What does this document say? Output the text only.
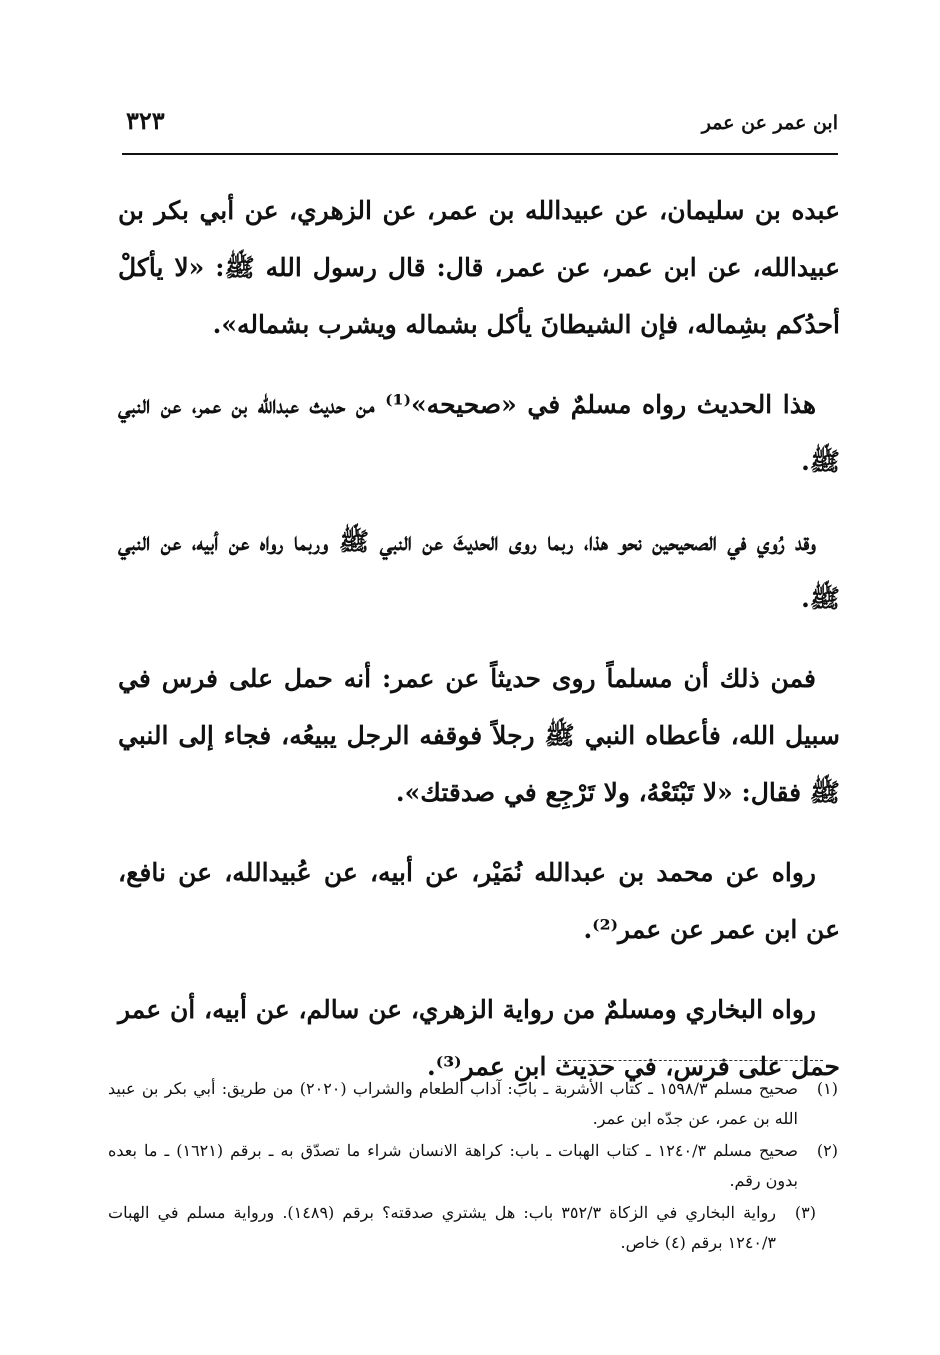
ابن عمر عن عمر
٣٢٣

عبده بن سليمان، عن عبيدالله بن عمر، عن الزهري، عن أبي بكر بن عبيدالله، عن ابن عمر، عن عمر، قال: قال رسول الله ﷺ: «لا يأكلْ أحدُكم بشِماله، فإن الشيطانَ يأكل بشماله ويشرب بشماله».

هذا الحديث رواه مسلمٌ في «صحيحه»⁽¹⁾ من حديث عبدالله بن عمر، عن النبي ﷺ.

وقد رُوي في الصحيحين نحو هذا، ربما روى الحديثَ عن النبي ﷺ وربما رواه عن أبيه، عن النبي ﷺ.

فمن ذلك أن مسلماً روى حديثاً عن عمر: أنه حمل على فرس في سبيل الله، فأعطاه النبي ﷺ رجلاً فوقفه الرجل يبيعُه، فجاء إلى النبي ﷺ فقال: «لا تَبْتَعْهُ، ولا تَرْجِع في صدقتك».

رواه عن محمد بن عبدالله نُمَيْر، عن أبيه، عن عُبيدالله، عن نافع، عن ابن عمر عن عمر⁽²⁾.

رواه البخاري ومسلمٌ من رواية الزهري، عن سالم، عن أبيه، أن عمر حمل على فرس، في حديث ابنِ عمر⁽³⁾.

(١)
صحيح مسلم ١٥٩٨/٣ ـ كتاب الأشربة ـ باب: آداب الطعام والشراب (٢٠٢٠) من طريق: أبي بكر بن عبيد الله بن عمر، عن جدّه ابن عمر.
(٢)
صحيح مسلم ١٢٤٠/٣ ـ كتاب الهبات ـ باب: كراهة الانسان شراء ما تصدّق به ـ برقم (١٦٢١) ـ ما بعده بدون رقم.
(٣)
رواية البخاري في الزكاة ٣٥٢/٣ باب: هل يشتري صدقته؟ برقم (١٤٨٩). ورواية مسلم في الهبات ١٢٤٠/٣ برقم (٤) خاص.
